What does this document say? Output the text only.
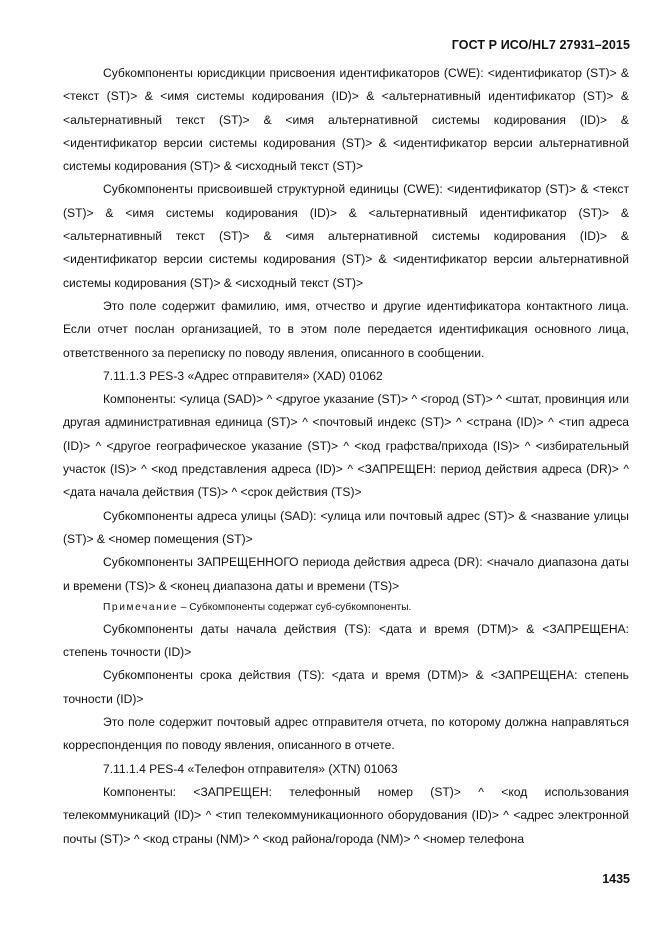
ГОСТ Р ИСО/HL7 27931–2015

Субкомпоненты юрисдикции присвоения идентификаторов (CWE): <идентификатор (ST)> & <текст (ST)> & <имя системы кодирования (ID)> & <альтернативный идентификатор (ST)> & <альтернативный текст (ST)> & <имя альтернативной системы кодирования (ID)> & <идентификатор версии системы кодирования (ST)> & <идентификатор версии альтернативной системы кодирования (ST)> & <исходный текст (ST)>

Субкомпоненты присвоившей структурной единицы (CWE): <идентификатор (ST)> & <текст (ST)> & <имя системы кодирования (ID)> & <альтернативный идентификатор (ST)> & <альтернативный текст (ST)> & <имя альтернативной системы кодирования (ID)> & <идентификатор версии системы кодирования (ST)> & <идентификатор версии альтернативной системы кодирования (ST)> & <исходный текст (ST)>

Это поле содержит фамилию, имя, отчество и другие идентификатора контактного лица. Если отчет послан организацией, то в этом поле передается идентификация основного лица, ответственного за переписку по поводу явления, описанного в сообщении.

7.11.1.3 PES-3 «Адрес отправителя» (XAD) 01062

Компоненты: <улица (SAD)> ^ <другое указание (ST)> ^ <город (ST)> ^ <штат, провинция или другая административная единица (ST)> ^ <почтовый индекс (ST)> ^ <страна (ID)> ^ <тип адреса (ID)> ^ <другое географическое указание (ST)> ^ <код графства/прихода (IS)> ^ <избирательный участок (IS)> ^ <код представления адреса (ID)> ^ <ЗАПРЕЩЕН: период действия адреса (DR)> ^ <дата начала действия (TS)> ^ <срок действия (TS)>

Субкомпоненты адреса улицы (SAD): <улица или почтовый адрес (ST)> & <название улицы (ST)> & <номер помещения (ST)>

Субкомпоненты ЗАПРЕЩЕННОГО периода действия адреса (DR): <начало диапазона даты и времени (TS)> & <конец диапазона даты и времени (TS)>

Примечание – Субкомпоненты содержат суб-субкомпоненты.

Субкомпоненты даты начала действия (TS): <дата и время (DTM)> & <ЗАПРЕЩЕНА: степень точности (ID)>

Субкомпоненты срока действия (TS): <дата и время (DTM)> & <ЗАПРЕЩЕНА: степень точности (ID)>

Это поле содержит почтовый адрес отправителя отчета, по которому должна направляться корреспонденция по поводу явления, описанного в отчете.

7.11.1.4 PES-4 «Телефон отправителя» (XTN) 01063

Компоненты: <ЗАПРЕЩЕН: телефонный номер (ST)> ^ <код использования телекоммуникаций (ID)> ^ <тип телекоммуникационного оборудования (ID)> ^ <адрес электронной почты (ST)> ^ <код страны (NM)> ^ <код района/города (NM)> ^ <номер телефона

1435
